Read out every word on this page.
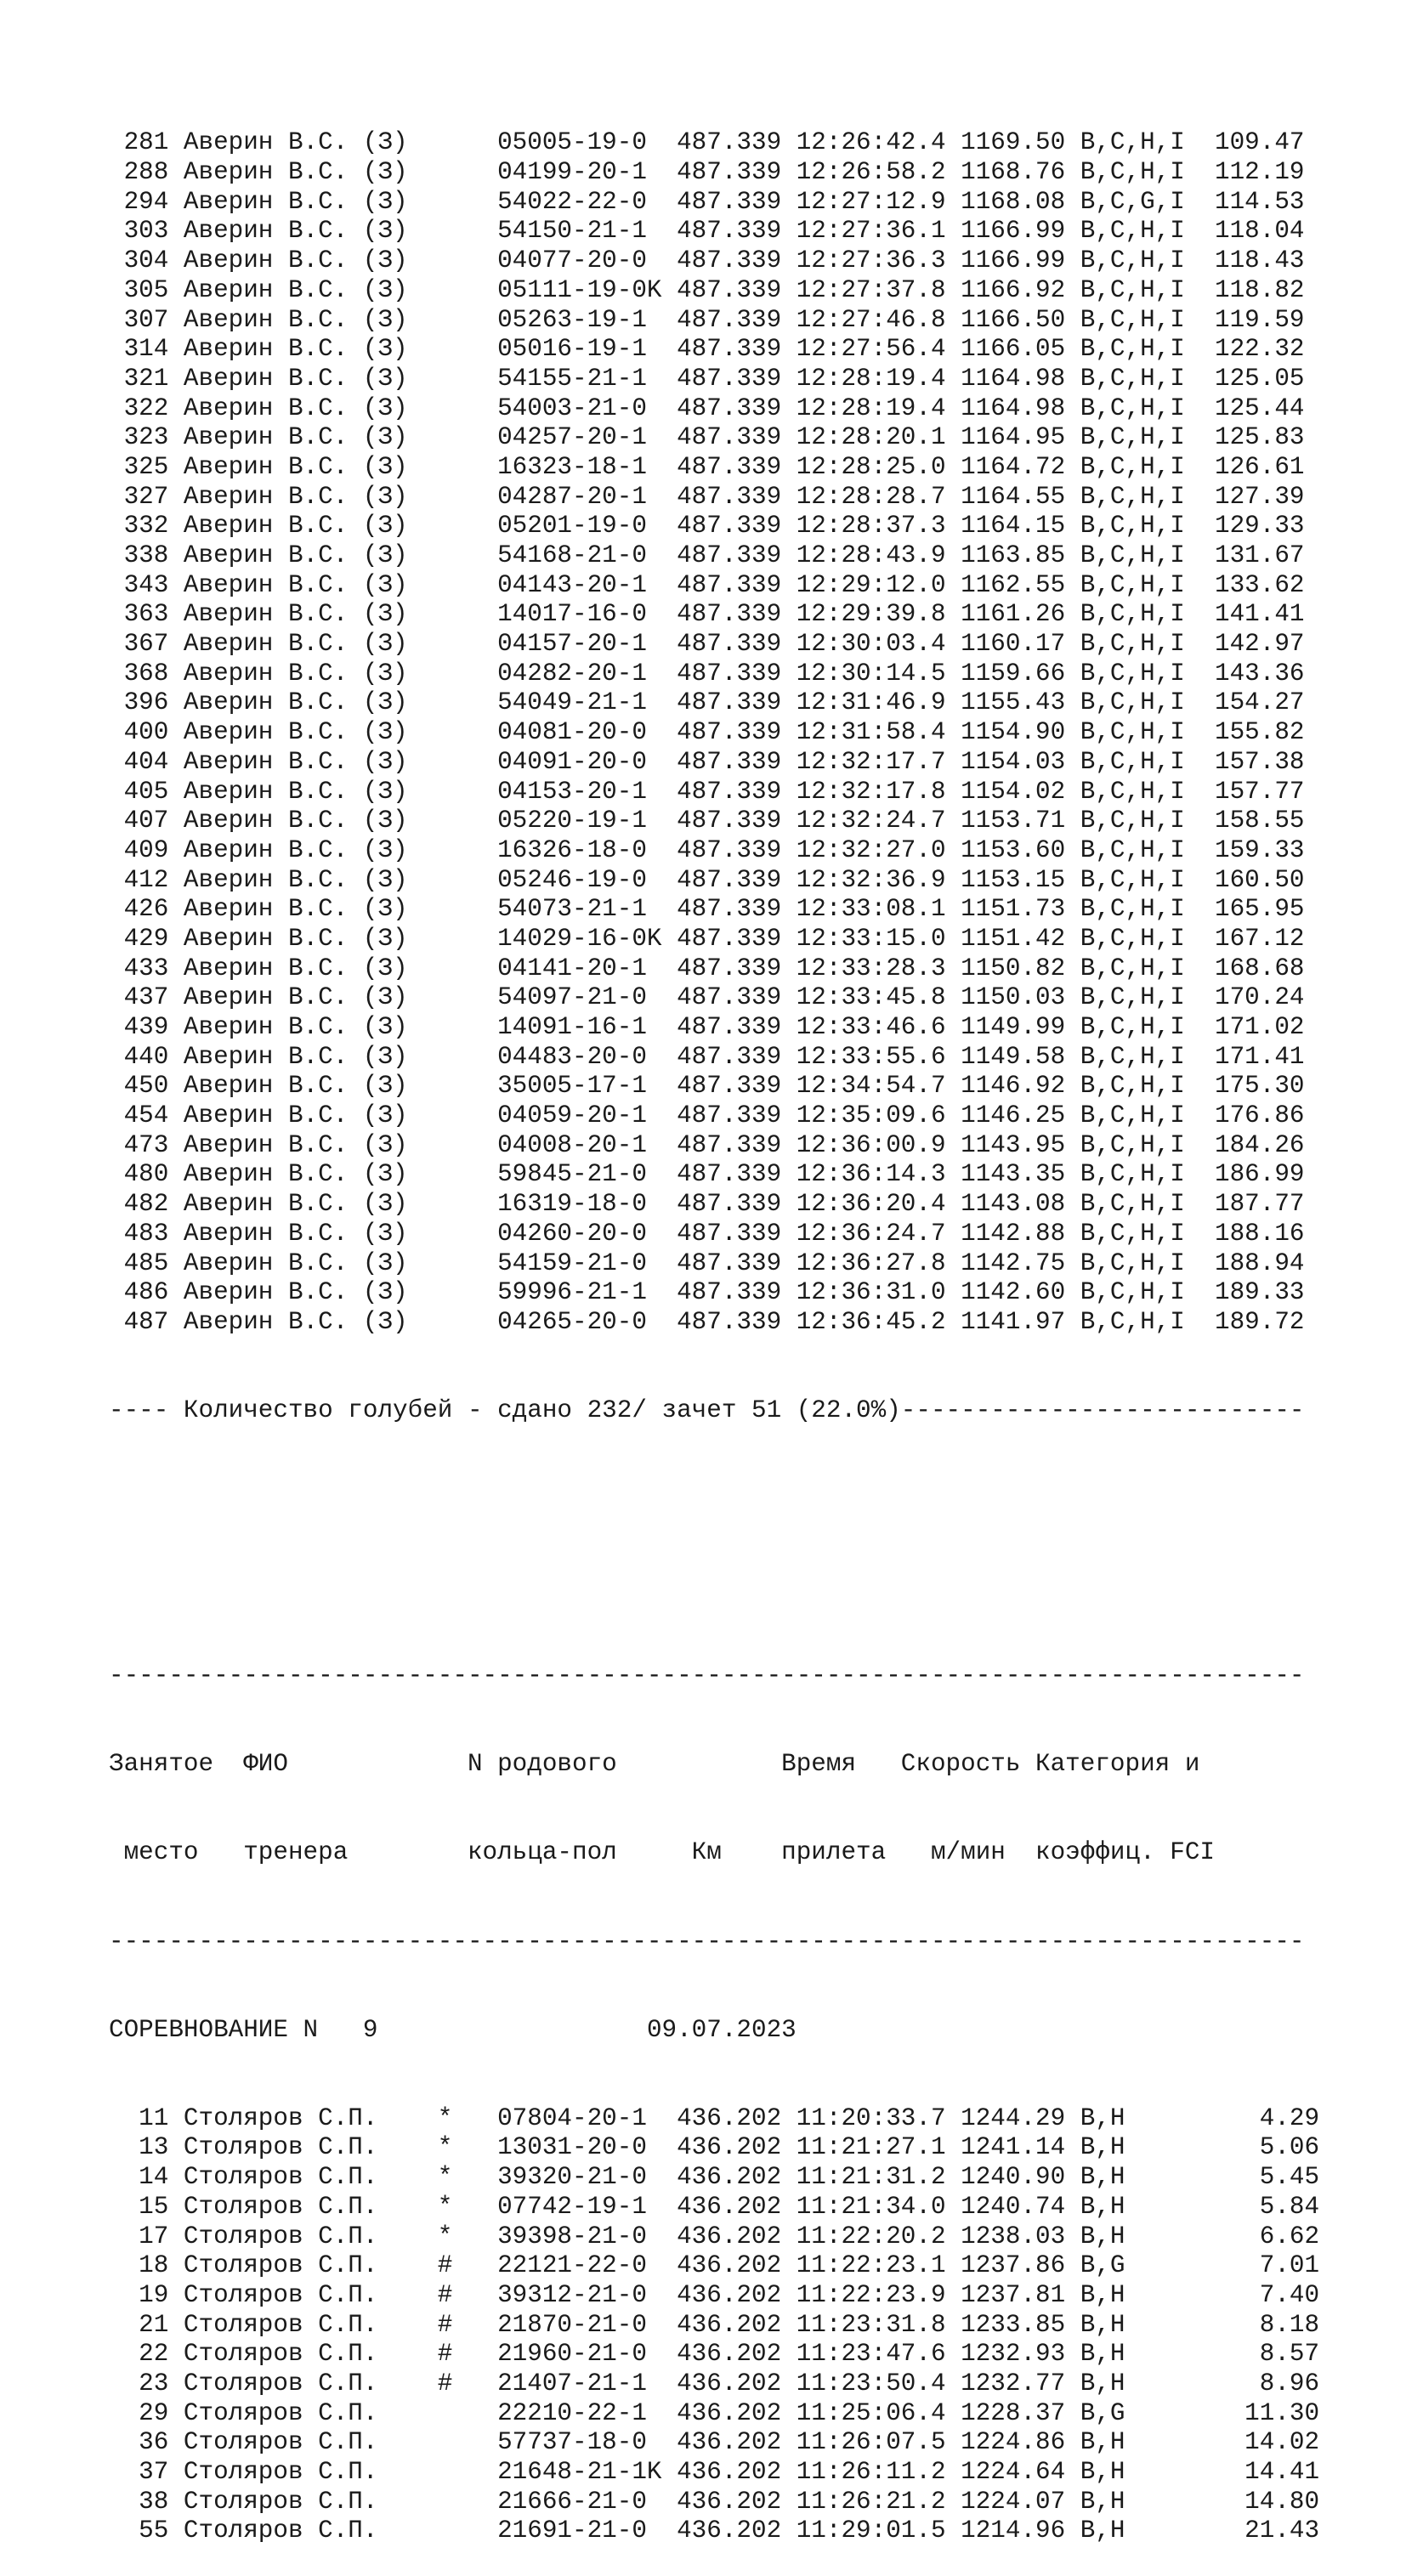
281 Аверин В.С. (З)      05005-19-0  487.339 12:26:42.4 1169.50 B,C,H,I  109.47
288 Аверин В.С. (З)      04199-20-1  487.339 12:26:58.2 1168.76 B,C,H,I  112.19
294 Аверин В.С. (З)      54022-22-0  487.339 12:27:12.9 1168.08 B,C,G,I  114.53
303 Аверин В.С. (З)      54150-21-1  487.339 12:27:36.1 1166.99 B,C,H,I  118.04
304 Аверин В.С. (З)      04077-20-0  487.339 12:27:36.3 1166.99 B,C,H,I  118.43
305 Аверин В.С. (З)      05111-19-0K 487.339 12:27:37.8 1166.92 B,C,H,I  118.82
307 Аверин В.С. (З)      05263-19-1  487.339 12:27:46.8 1166.50 B,C,H,I  119.59
314 Аверин В.С. (З)      05016-19-1  487.339 12:27:56.4 1166.05 B,C,H,I  122.32
321 Аверин В.С. (З)      54155-21-1  487.339 12:28:19.4 1164.98 B,C,H,I  125.05
322 Аверин В.С. (З)      54003-21-0  487.339 12:28:19.4 1164.98 B,C,H,I  125.44
323 Аверин В.С. (З)      04257-20-1  487.339 12:28:20.1 1164.95 B,C,H,I  125.83
325 Аверин В.С. (З)      16323-18-1  487.339 12:28:25.0 1164.72 B,C,H,I  126.61
327 Аверин В.С. (З)      04287-20-1  487.339 12:28:28.7 1164.55 B,C,H,I  127.39
332 Аверин В.С. (З)      05201-19-0  487.339 12:28:37.3 1164.15 B,C,H,I  129.33
338 Аверин В.С. (З)      54168-21-0  487.339 12:28:43.9 1163.85 B,C,H,I  131.67
343 Аверин В.С. (З)      04143-20-1  487.339 12:29:12.0 1162.55 B,C,H,I  133.62
363 Аверин В.С. (З)      14017-16-0  487.339 12:29:39.8 1161.26 B,C,H,I  141.41
367 Аверин В.С. (З)      04157-20-1  487.339 12:30:03.4 1160.17 B,C,H,I  142.97
368 Аверин В.С. (З)      04282-20-1  487.339 12:30:14.5 1159.66 B,C,H,I  143.36
396 Аверин В.С. (З)      54049-21-1  487.339 12:31:46.9 1155.43 B,C,H,I  154.27
400 Аверин В.С. (З)      04081-20-0  487.339 12:31:58.4 1154.90 B,C,H,I  155.82
404 Аверин В.С. (З)      04091-20-0  487.339 12:32:17.7 1154.03 B,C,H,I  157.38
405 Аверин В.С. (З)      04153-20-1  487.339 12:32:17.8 1154.02 B,C,H,I  157.77
407 Аверин В.С. (З)      05220-19-1  487.339 12:32:24.7 1153.71 B,C,H,I  158.55
409 Аверин В.С. (З)      16326-18-0  487.339 12:32:27.0 1153.60 B,C,H,I  159.33
412 Аверин В.С. (З)      05246-19-0  487.339 12:32:36.9 1153.15 B,C,H,I  160.50
426 Аверин В.С. (З)      54073-21-1  487.339 12:33:08.1 1151.73 B,C,H,I  165.95
429 Аверин В.С. (З)      14029-16-0K 487.339 12:33:15.0 1151.42 B,C,H,I  167.12
433 Аверин В.С. (З)      04141-20-1  487.339 12:33:28.3 1150.82 B,C,H,I  168.68
437 Аверин В.С. (З)      54097-21-0  487.339 12:33:45.8 1150.03 B,C,H,I  170.24
439 Аверин В.С. (З)      14091-16-1  487.339 12:33:46.6 1149.99 B,C,H,I  171.02
440 Аверин В.С. (З)      04483-20-0  487.339 12:33:55.6 1149.58 B,C,H,I  171.41
450 Аверин В.С. (З)      35005-17-1  487.339 12:34:54.7 1146.92 B,C,H,I  175.30
454 Аверин В.С. (З)      04059-20-1  487.339 12:35:09.6 1146.25 B,C,H,I  176.86
473 Аверин В.С. (З)      04008-20-1  487.339 12:36:00.9 1143.95 B,C,H,I  184.26
480 Аверин В.С. (З)      59845-21-0  487.339 12:36:14.3 1143.35 B,C,H,I  186.99
482 Аверин В.С. (З)      16319-18-0  487.339 12:36:20.4 1143.08 B,C,H,I  187.77
483 Аверин В.С. (З)      04260-20-0  487.339 12:36:24.7 1142.88 B,C,H,I  188.16
485 Аверин В.С. (З)      54159-21-0  487.339 12:36:27.8 1142.75 B,C,H,I  188.94
486 Аверин В.С. (З)      59996-21-1  487.339 12:36:31.0 1142.60 B,C,H,I  189.33
487 Аверин В.С. (З)      04265-20-0  487.339 12:36:45.2 1141.97 B,C,H,I  189.72

---- Количество голубей - сдано 232/ зачет 51 (22.0%)---------------------------

--------------------------------------------------------------------------------

Занятое  ФИО            N родового           Время   Скорость Категория и

место   тренера        кольца-пол     Км    прилета   м/мин  коэффиц. FCI

--------------------------------------------------------------------------------

СОРЕВНОВАНИЕ N   9	09.07.2023

11 Столяров С.П.    *   07804-20-1  436.202 11:20:33.7 1244.29 B,H         4.29
13 Столяров С.П.    *   13031-20-0  436.202 11:21:27.1 1241.14 B,H         5.06
14 Столяров С.П.    *   39320-21-0  436.202 11:21:31.2 1240.90 B,H         5.45
15 Столяров С.П.    *   07742-19-1  436.202 11:21:34.0 1240.74 B,H         5.84
17 Столяров С.П.    *   39398-21-0  436.202 11:22:20.2 1238.03 B,H         6.62
18 Столяров С.П.    #   22121-22-0  436.202 11:22:23.1 1237.86 B,G         7.01
19 Столяров С.П.    #   39312-21-0  436.202 11:22:23.9 1237.81 B,H         7.40
21 Столяров С.П.    #   21870-21-0  436.202 11:23:31.8 1233.85 B,H         8.18
22 Столяров С.П.    #   21960-21-0  436.202 11:23:47.6 1232.93 B,H         8.57
23 Столяров С.П.    #   21407-21-1  436.202 11:23:50.4 1232.77 B,H         8.96
29 Столяров С.П.        22210-22-1  436.202 11:25:06.4 1228.37 B,G        11.30
36 Столяров С.П.        57737-18-0  436.202 11:26:07.5 1224.86 B,H        14.02
37 Столяров С.П.        21648-21-1K 436.202 11:26:11.2 1224.64 B,H        14.41
38 Столяров С.П.        21666-21-0  436.202 11:26:21.2 1224.07 B,H        14.80
55 Столяров С.П.        21691-21-0  436.202 11:29:01.5 1214.96 B,H        21.43
